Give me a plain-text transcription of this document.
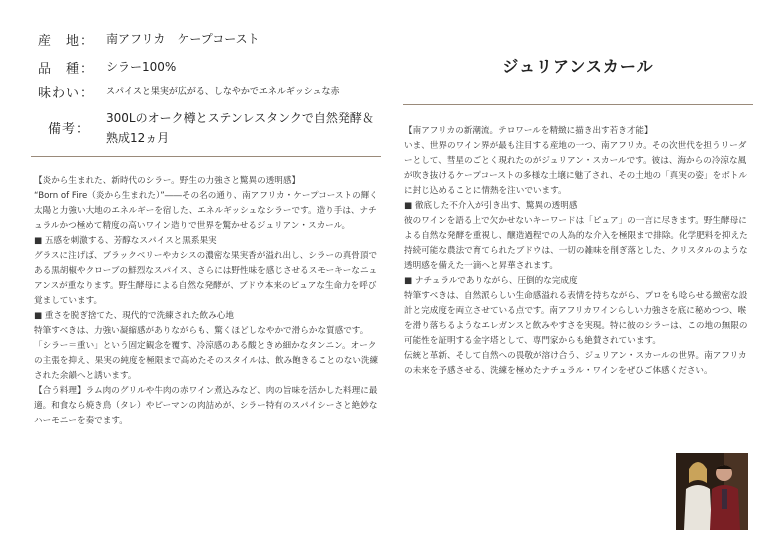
産　地： 南アフリカ　ケープコースト
品　種： シラー100%
味わい：	スパイスと果実が広がる、しなやかでエネルギッシュな赤
備考：
300Lのオーク樽とステンレスタンクで自然発酵＆熟成12ヵ月
ジュリアンスカール

【炎から生まれた、新時代のシラー。野生の力強さと驚異の透明感】

“Born of Fire（炎から生まれた）”――その名の通り、南アフリカ・ケープコーストの輝く太陽と力強い大地のエネルギーを宿した、エネルギッシュなシラーです。造り手は、ナチュラルかつ極めて精度の高いワイン造りで世界を驚かせるジュリアン・スカール。

■ 五感を刺激する、芳醇なスパイスと黒系果実

グラスに注げば、ブラックベリーやカシスの濃密な果実香が溢れ出し、シラーの真骨頂である黒胡椒やクローブの鮮烈なスパイス、さらには野性味を感じさせるスモーキーなニュアンスが重なります。野生酵母による自然な発酵が、ブドウ本来のピュアな生命力を呼び覚ましています。

■ 重さを脱ぎ捨てた、現代的で洗練された飲み心地

特筆すべきは、力強い凝縮感がありながらも、驚くほどしなやかで滑らかな質感です。「シラー＝重い」という固定観念を覆す、冷涼感のある酸ときめ細かなタンニン。オークの主張を抑え、果実の純度を極限まで高めたそのスタイルは、飲み飽きることのない洗練された余韻へと誘います。

【合う料理】ラム肉のグリルや牛肉の赤ワイン煮込みなど、肉の旨味を活かした料理に最適。和食なら焼き鳥（タレ）やピーマンの肉詰めが、シラー特有のスパイシーさと絶妙なハーモニーを奏でます。

【南アフリカの新潮流。テロワールを精緻に描き出す若き才能】

いま、世界のワイン界が最も注目する産地の一つ、南アフリカ。その次世代を担うリーダーとして、彗星のごとく現れたのがジュリアン・スカールです。彼は、海からの冷涼な風が吹き抜けるケープコーストの多様な土壌に魅了され、その土地の「真実の姿」をボトルに封じ込めることに情熱を注いでいます。

■ 徹底した不介入が引き出す、驚異の透明感

彼のワインを語る上で欠かせないキーワードは「ピュア」の一言に尽きます。野生酵母による自然な発酵を重視し、醸造過程での人為的な介入を極限まで排除。化学肥料を抑えた持続可能な農法で育てられたブドウは、一切の雑味を削ぎ落とした、クリスタルのような透明感を備えた一滴へと昇華されます。

■ ナチュラルでありながら、圧倒的な完成度

特筆すべきは、自然派らしい生命感溢れる表情を持ちながら、プロをも唸らせる緻密な設計と完成度を両立させている点です。南アフリカワインらしい力強さを底に秘めつつ、喉を滑り落ちるようなエレガンスと飲みやすさを実現。特に彼のシラーは、この地の無限の可能性を証明する金字塔として、専門家からも絶賛されています。

伝統と革新、そして自然への畏敬が溶け合う、ジュリアン・スカールの世界。南アフリカの未来を予感させる、洗練を極めたナチュラル・ワインをぜひご体感ください。
